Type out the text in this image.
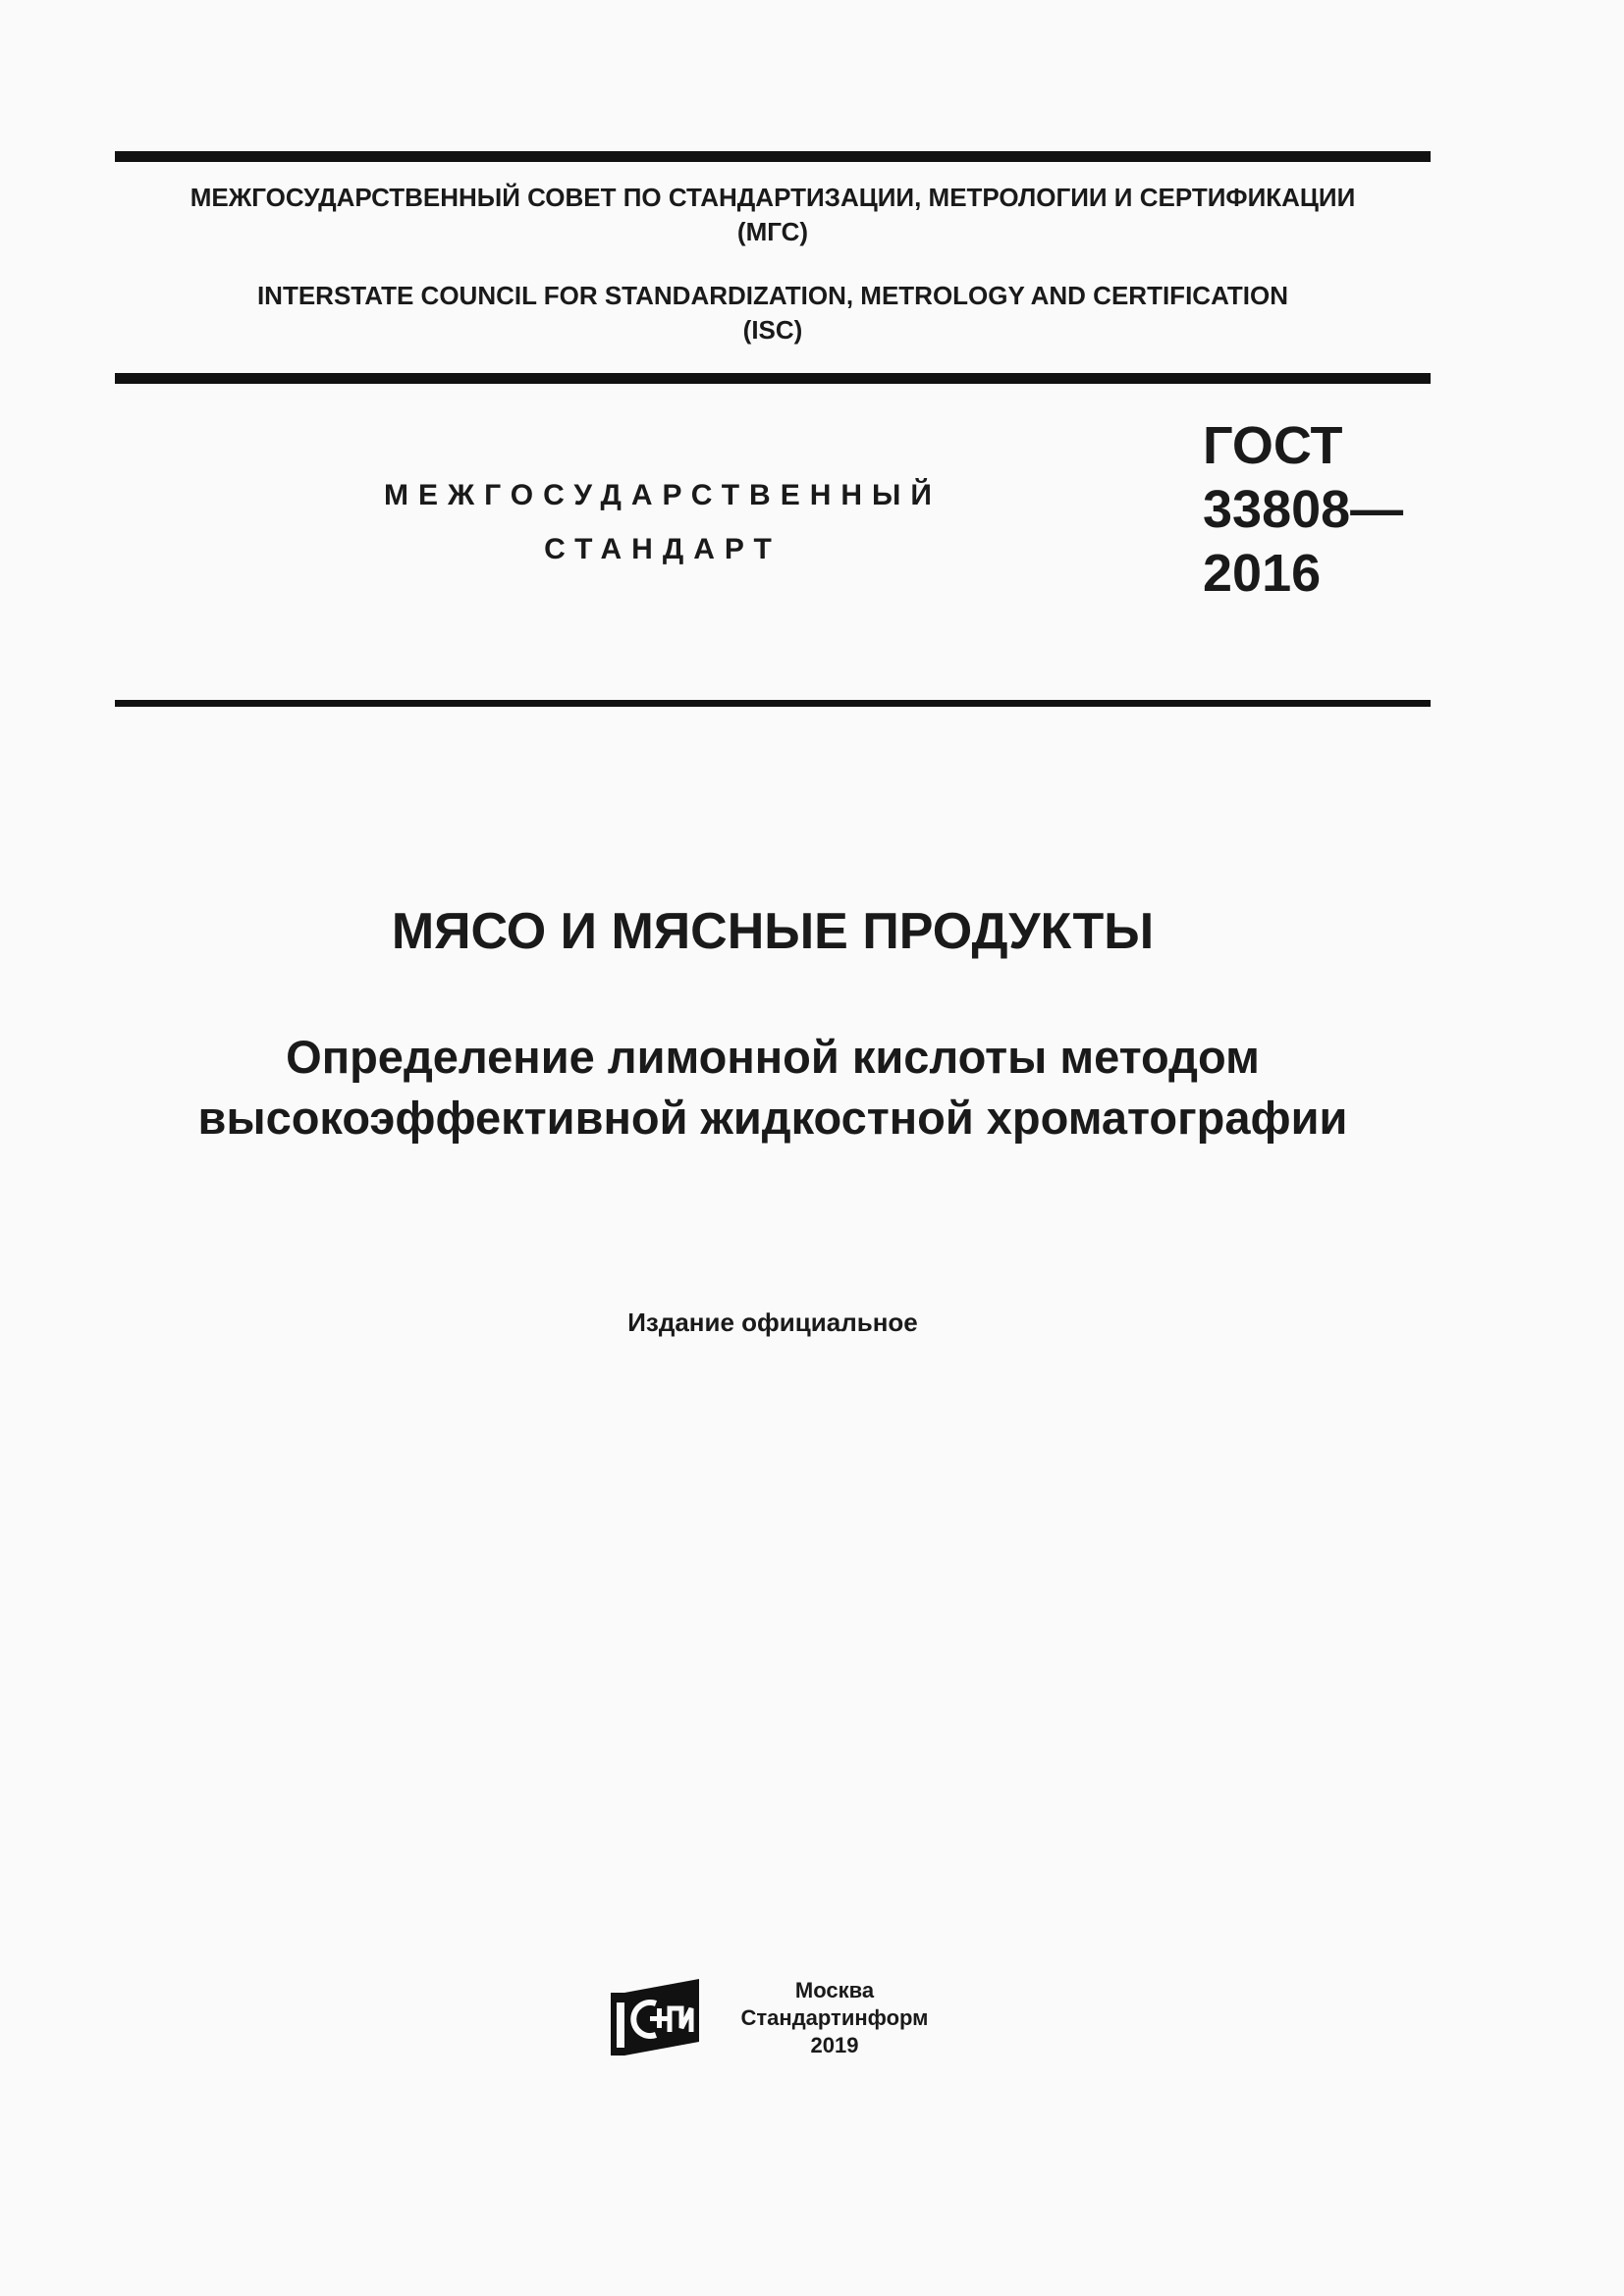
МЕЖГОСУДАРСТВЕННЫЙ СОВЕТ ПО СТАНДАРТИЗАЦИИ, МЕТРОЛОГИИ И СЕРТИФИКАЦИИ
(МГС)
INTERSTATE COUNCIL FOR STANDARDIZATION, METROLOGY AND CERTIFICATION
(ISC)
МЕЖГОСУДАРСТВЕННЫЙ
СТАНДАРТ
ГОСТ
33808—
2016
МЯСО И МЯСНЫЕ ПРОДУКТЫ
Определение лимонной кислоты методом
высокоэффективной жидкостной хроматографии
Издание официальное
Москва
Стандартинформ
2019
